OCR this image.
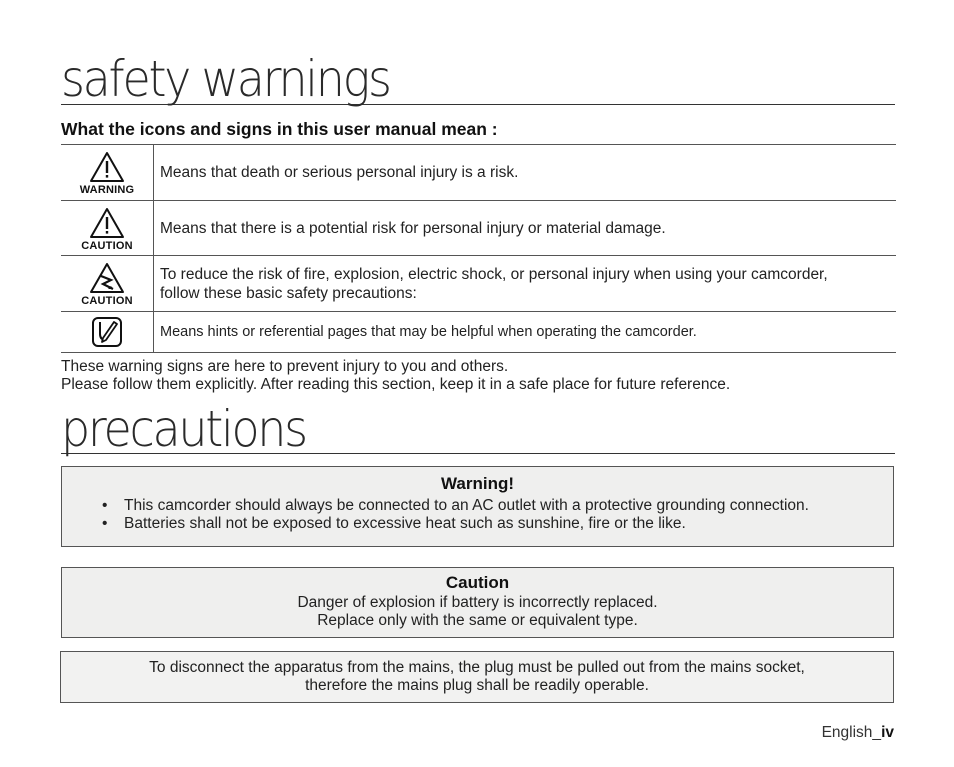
safety warnings
What the icons and signs in this user manual mean :
WARNING	Means that death or serious personal injury is a risk.

CAUTION	Means that there is a potential risk for personal injury or material damage.

CAUTION	To reduce the risk of fire, explosion, electric shock, or personal injury when using your camcorder,
follow these basic safety precautions:

	Means hints or referential pages that may be helpful when operating the camcorder.

These warning signs are here to prevent injury to you and others.

Please follow them explicitly. After reading this section, keep it in a safe place for future reference.

precautions

Warning!

• This camcorder should always be connected to an AC outlet with a protective grounding connection.
• Batteries shall not be exposed to excessive heat such as sunshine, fire or the like.

Caution

Danger of explosion if battery is incorrectly replaced.

Replace only with the same or equivalent type.

To disconnect the apparatus from the mains, the plug must be pulled out from the mains socket,

therefore the mains plug shall be readily operable.

English_iv
